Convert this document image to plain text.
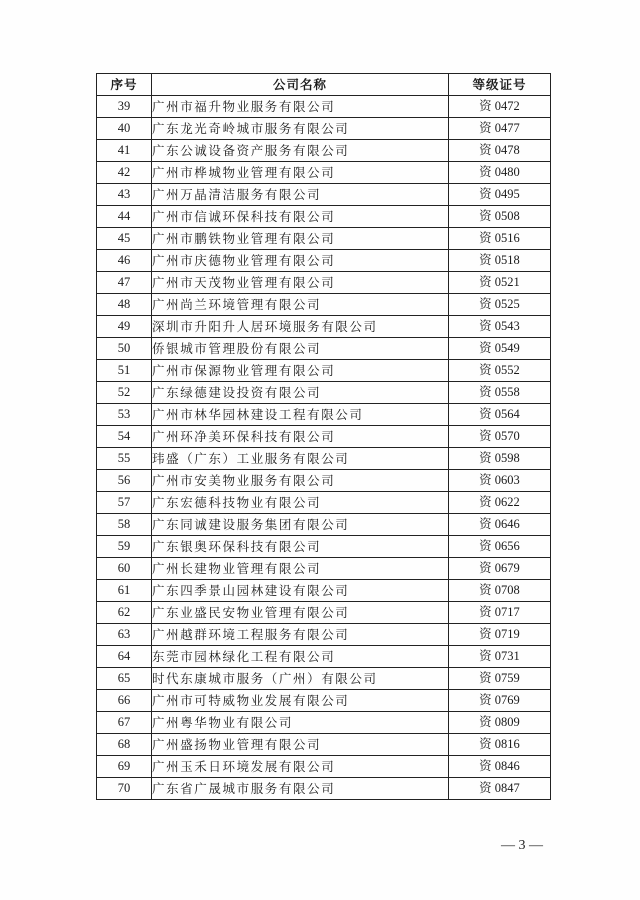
序号	公司名称	等级证号
39	广州市福升物业服务有限公司	资 0472
40	广东龙光奇岭城市服务有限公司	资 0477
41	广东公诚设备资产服务有限公司	资 0478
42	广州市桦城物业管理有限公司	资 0480
43	广州万晶清洁服务有限公司	资 0495
44	广州市信诚环保科技有限公司	资 0508
45	广州市鹏铁物业管理有限公司	资 0516
46	广州市庆德物业管理有限公司	资 0518
47	广州市天茂物业管理有限公司	资 0521
48	广州尚兰环境管理有限公司	资 0525
49	深圳市升阳升人居环境服务有限公司	资 0543
50	侨银城市管理股份有限公司	资 0549
51	广州市保源物业管理有限公司	资 0552
52	广东绿德建设投资有限公司	资 0558
53	广州市林华园林建设工程有限公司	资 0564
54	广州环净美环保科技有限公司	资 0570
55	玮盛（广东）工业服务有限公司	资 0598
56	广州市安美物业服务有限公司	资 0603
57	广东宏德科技物业有限公司	资 0622
58	广东同诚建设服务集团有限公司	资 0646
59	广东银奥环保科技有限公司	资 0656
60	广州长建物业管理有限公司	资 0679
61	广东四季景山园林建设有限公司	资 0708
62	广东业盛民安物业管理有限公司	资 0717
63	广州越群环境工程服务有限公司	资 0719
64	东莞市园林绿化工程有限公司	资 0731
65	时代东康城市服务（广州）有限公司	资 0759
66	广州市可特威物业发展有限公司	资 0769
67	广州粤华物业有限公司	资 0809
68	广州盛扬物业管理有限公司	资 0816
69	广州玉禾日环境发展有限公司	资 0846
70	广东省广晟城市服务有限公司	资 0847
— 3 —
